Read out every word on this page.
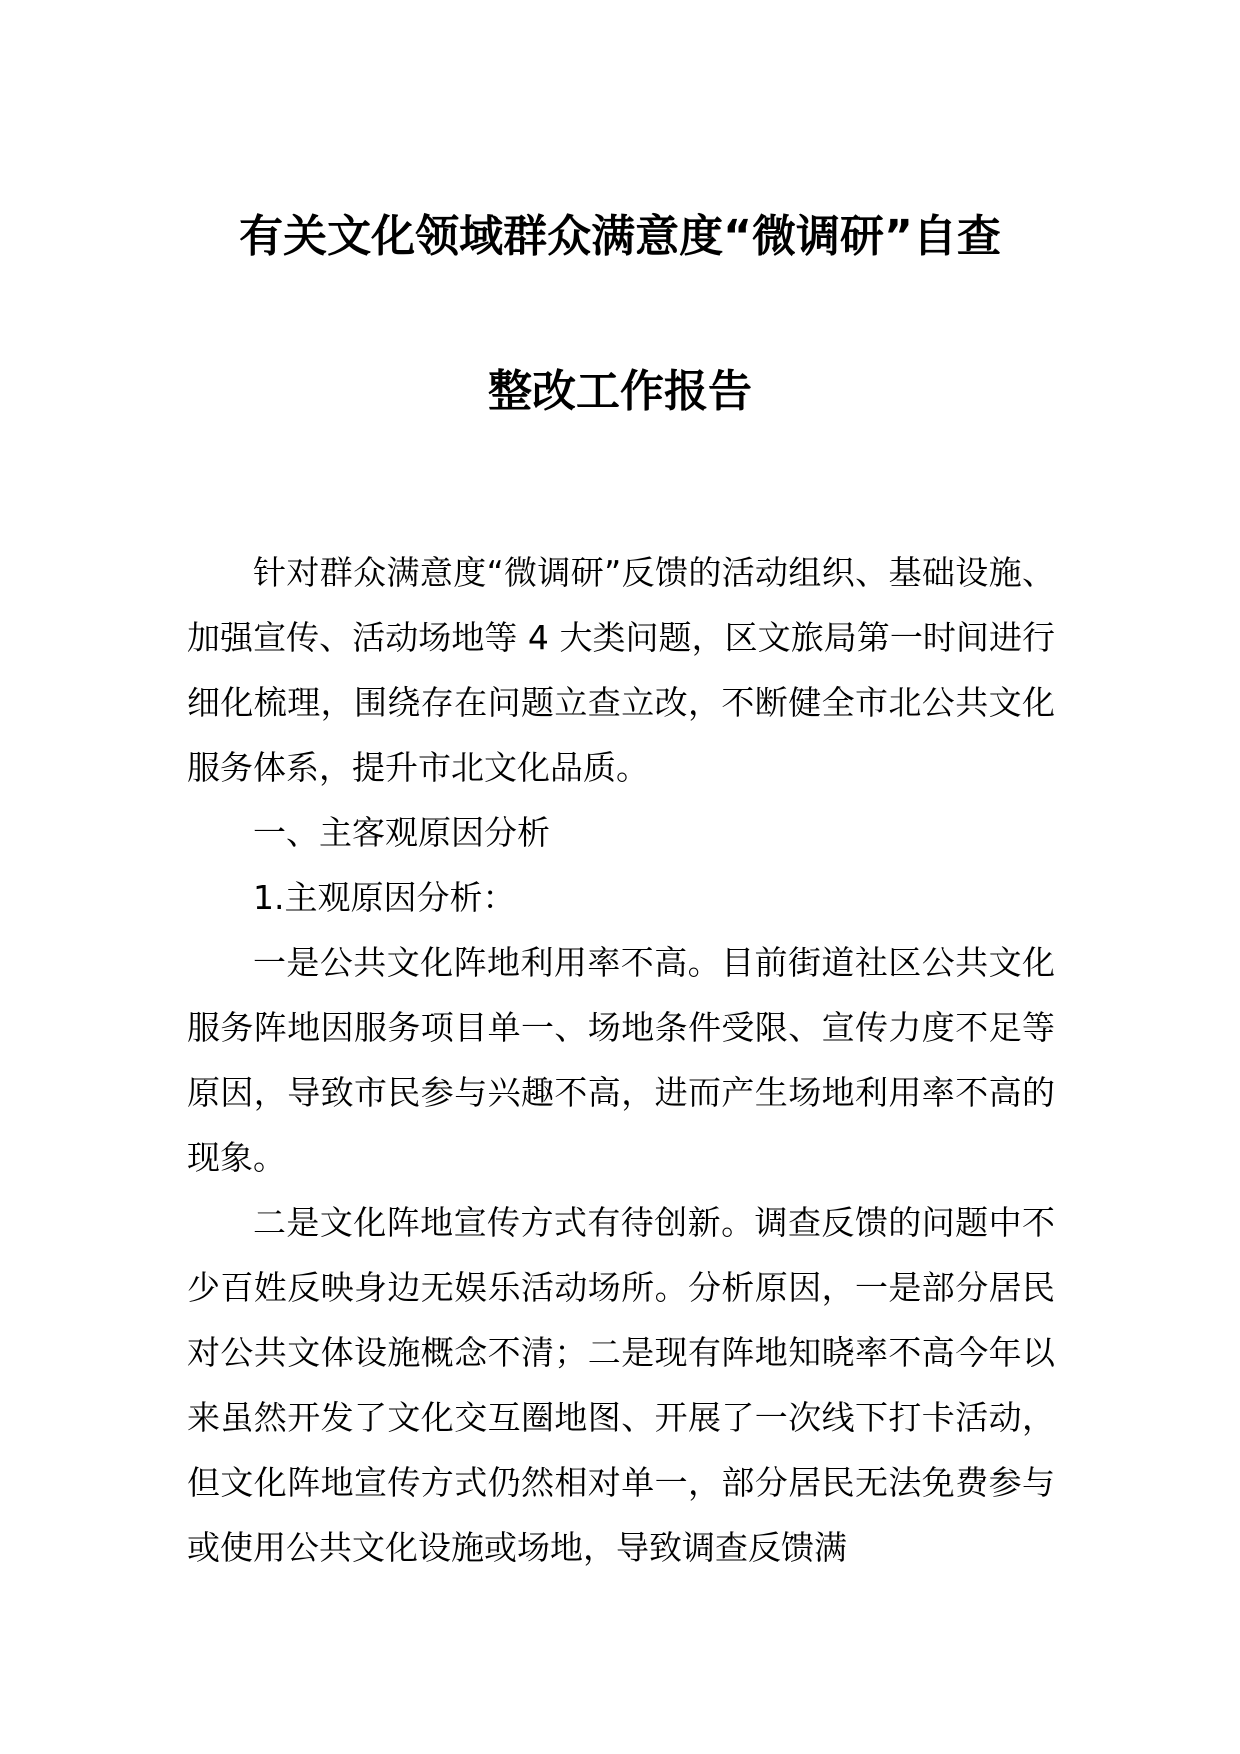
有关文化领域群众满意度“微调研”自查
整改工作报告

针对群众满意度“微调研”反馈的活动组织、基础设施、加强宣传、活动场地等 4 大类问题，区文旅局第一时间进行细化梳理，围绕存在问题立查立改，不断健全市北公共文化服务体系，提升市北文化品质。

一、主客观原因分析

1.主观原因分析：

一是公共文化阵地利用率不高。目前街道社区公共文化服务阵地因服务项目单一、场地条件受限、宣传力度不足等原因，导致市民参与兴趣不高，进而产生场地利用率不高的现象。

二是文化阵地宣传方式有待创新。调查反馈的问题中不少百姓反映身边无娱乐活动场所。分析原因，一是部分居民对公共文体设施概念不清；二是现有阵地知晓率不高今年以来虽然开发了文化交互圈地图、开展了一次线下打卡活动，但文化阵地宣传方式仍然相对单一，部分居民无法免费参与或使用公共文化设施或场地，导致调查反馈满
